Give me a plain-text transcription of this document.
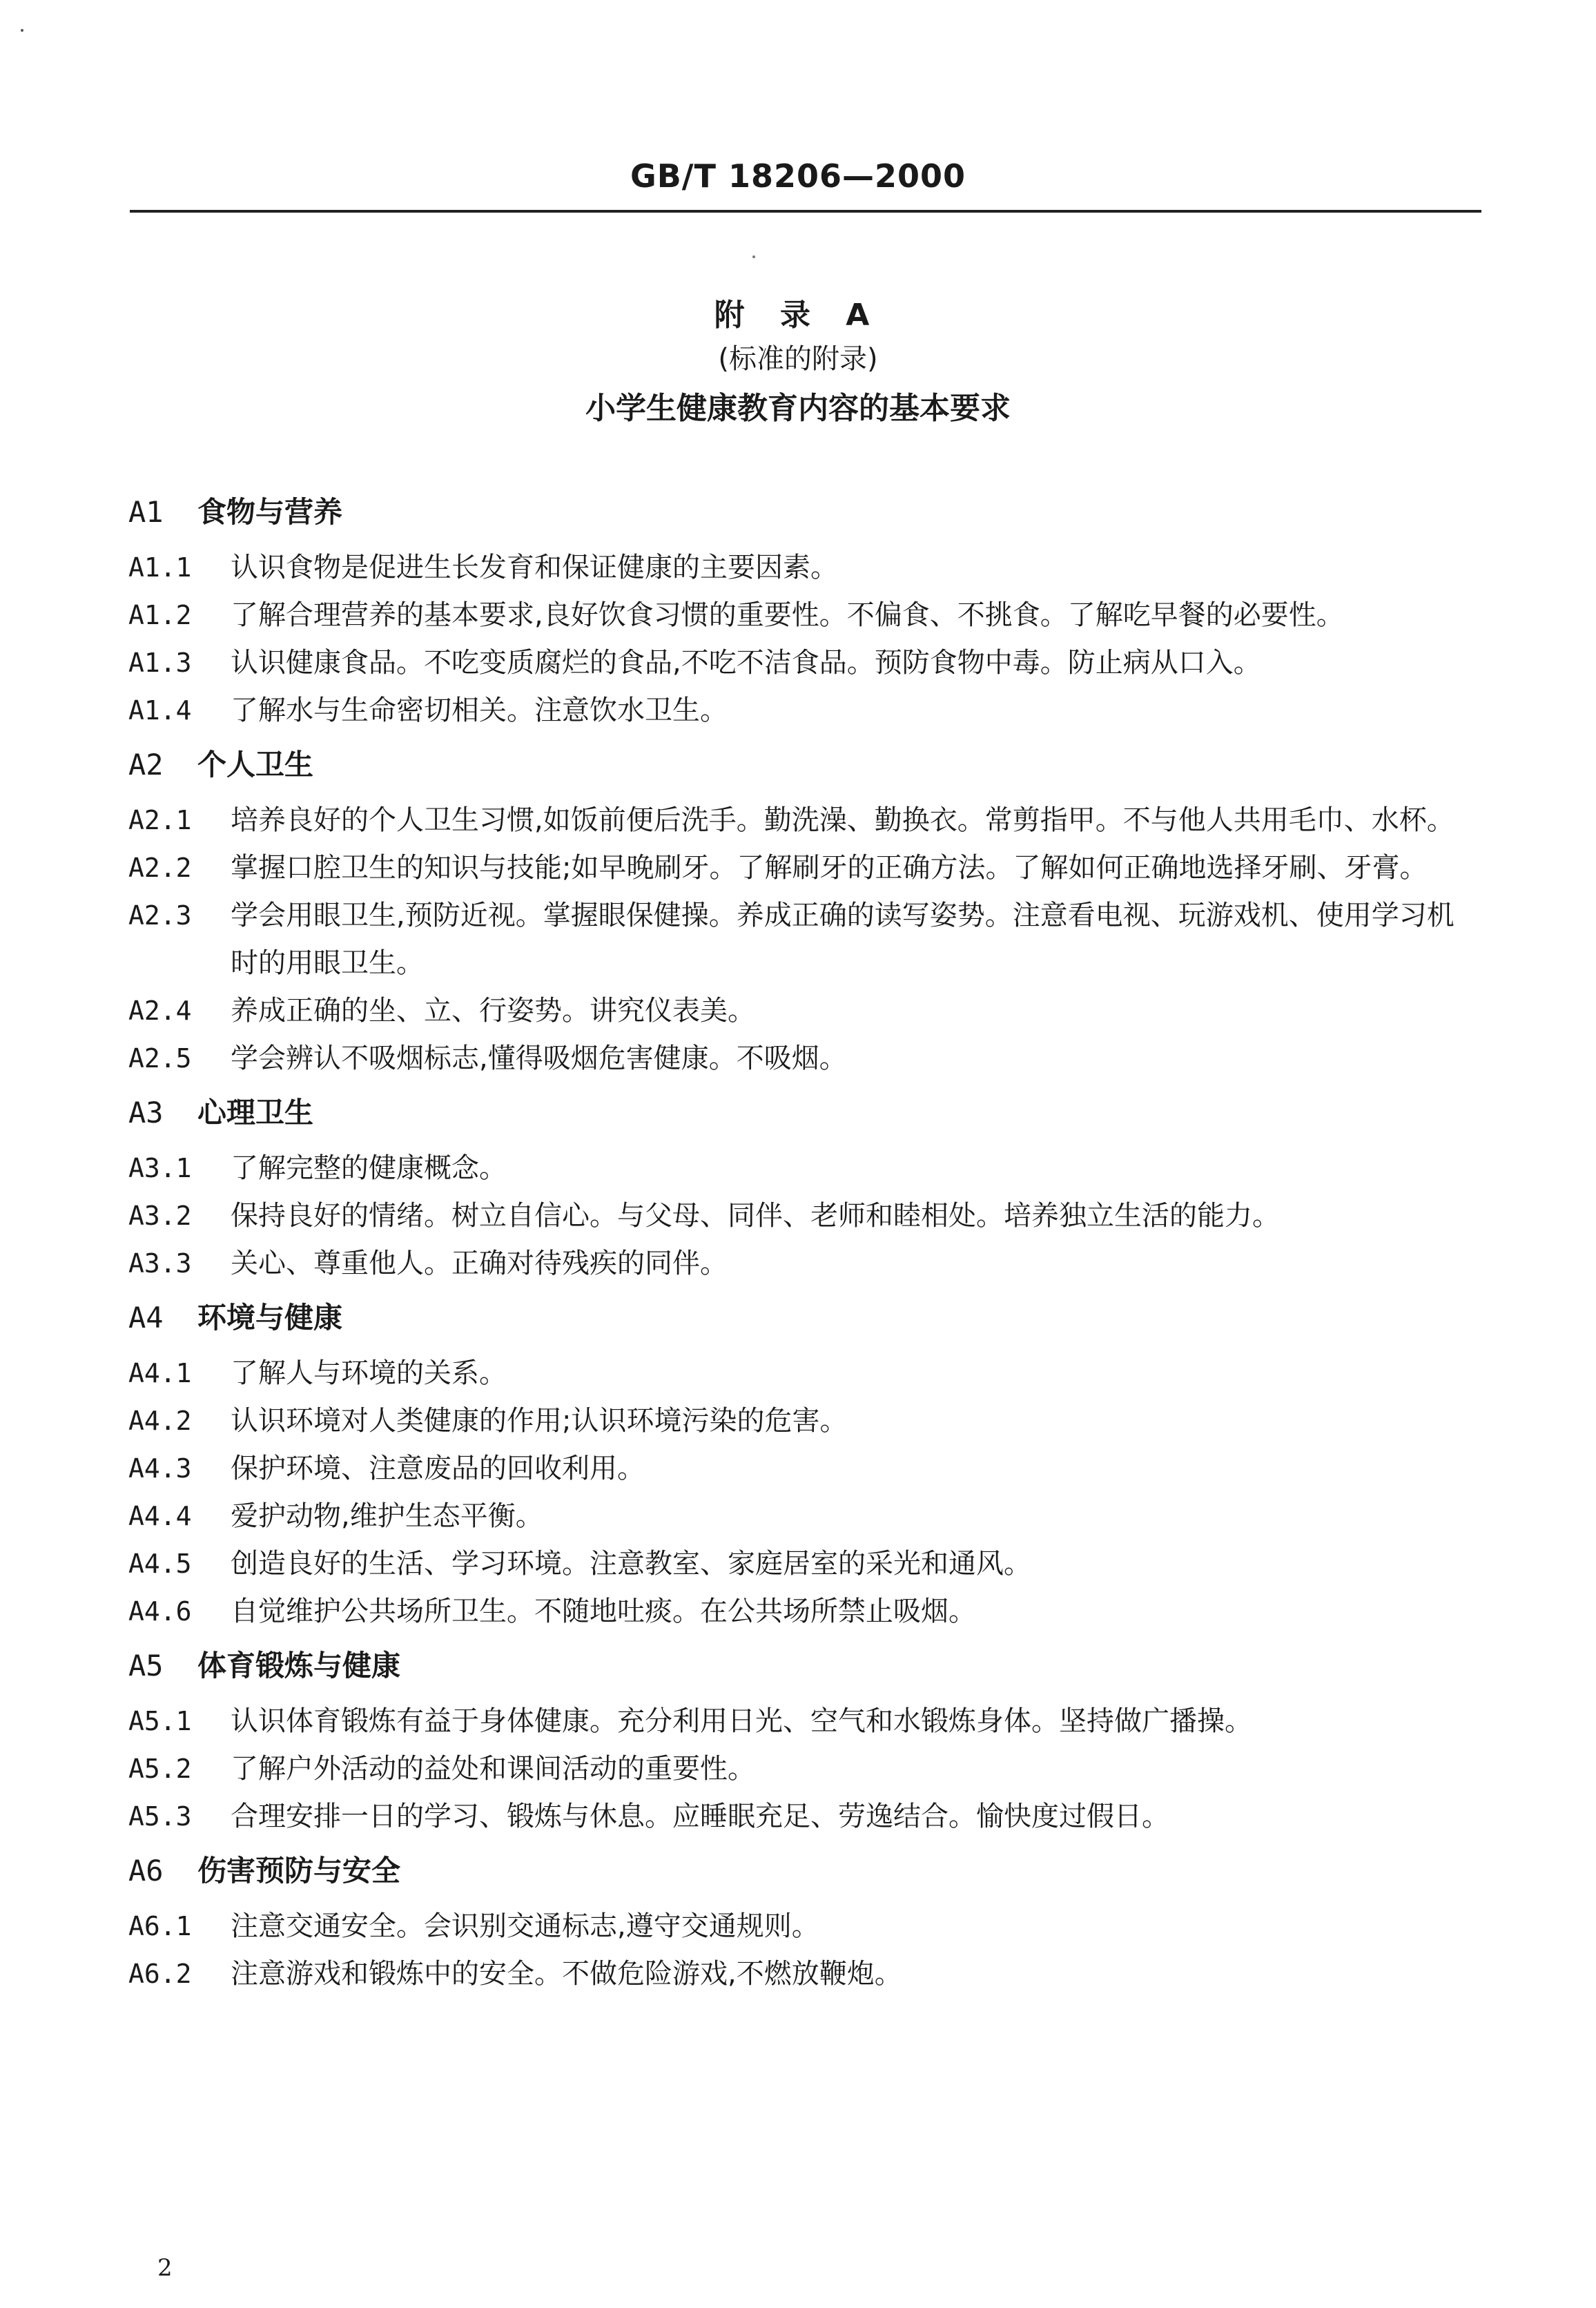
GB/T 18206—2000
附 录 A
(标准的附录)
小学生健康教育内容的基本要求
A1 食物与营养
A1.1	认识食物是促进生长发育和保证健康的主要因素。
A1.2	了解合理营养的基本要求,良好饮食习惯的重要性。不偏食、不挑食。了解吃早餐的必要性。
A1.3	认识健康食品。不吃变质腐烂的食品,不吃不洁食品。预防食物中毒。防止病从口入。
A1.4	了解水与生命密切相关。注意饮水卫生。
A2 个人卫生
A2.1	培养良好的个人卫生习惯,如饭前便后洗手。勤洗澡、勤换衣。常剪指甲。不与他人共用毛巾、水杯。
A2.2	掌握口腔卫生的知识与技能;如早晚刷牙。了解刷牙的正确方法。了解如何正确地选择牙刷、牙膏。
A2.3	学会用眼卫生,预防近视。掌握眼保健操。养成正确的读写姿势。注意看电视、玩游戏机、使用学习机时的用眼卫生。
A2.4	养成正确的坐、立、行姿势。讲究仪表美。
A2.5	学会辨认不吸烟标志,懂得吸烟危害健康。不吸烟。
A3 心理卫生
A3.1	了解完整的健康概念。
A3.2	保持良好的情绪。树立自信心。与父母、同伴、老师和睦相处。培养独立生活的能力。
A3.3	关心、尊重他人。正确对待残疾的同伴。
A4 环境与健康
A4.1	了解人与环境的关系。
A4.2	认识环境对人类健康的作用;认识环境污染的危害。
A4.3	保护环境、注意废品的回收利用。
A4.4	爱护动物,维护生态平衡。
A4.5	创造良好的生活、学习环境。注意教室、家庭居室的采光和通风。
A4.6	自觉维护公共场所卫生。不随地吐痰。在公共场所禁止吸烟。
A5 体育锻炼与健康
A5.1	认识体育锻炼有益于身体健康。充分利用日光、空气和水锻炼身体。坚持做广播操。
A5.2	了解户外活动的益处和课间活动的重要性。
A5.3	合理安排一日的学习、锻炼与休息。应睡眠充足、劳逸结合。愉快度过假日。
A6 伤害预防与安全
A6.1	注意交通安全。会识别交通标志,遵守交通规则。
A6.2	注意游戏和锻炼中的安全。不做危险游戏,不燃放鞭炮。
2
